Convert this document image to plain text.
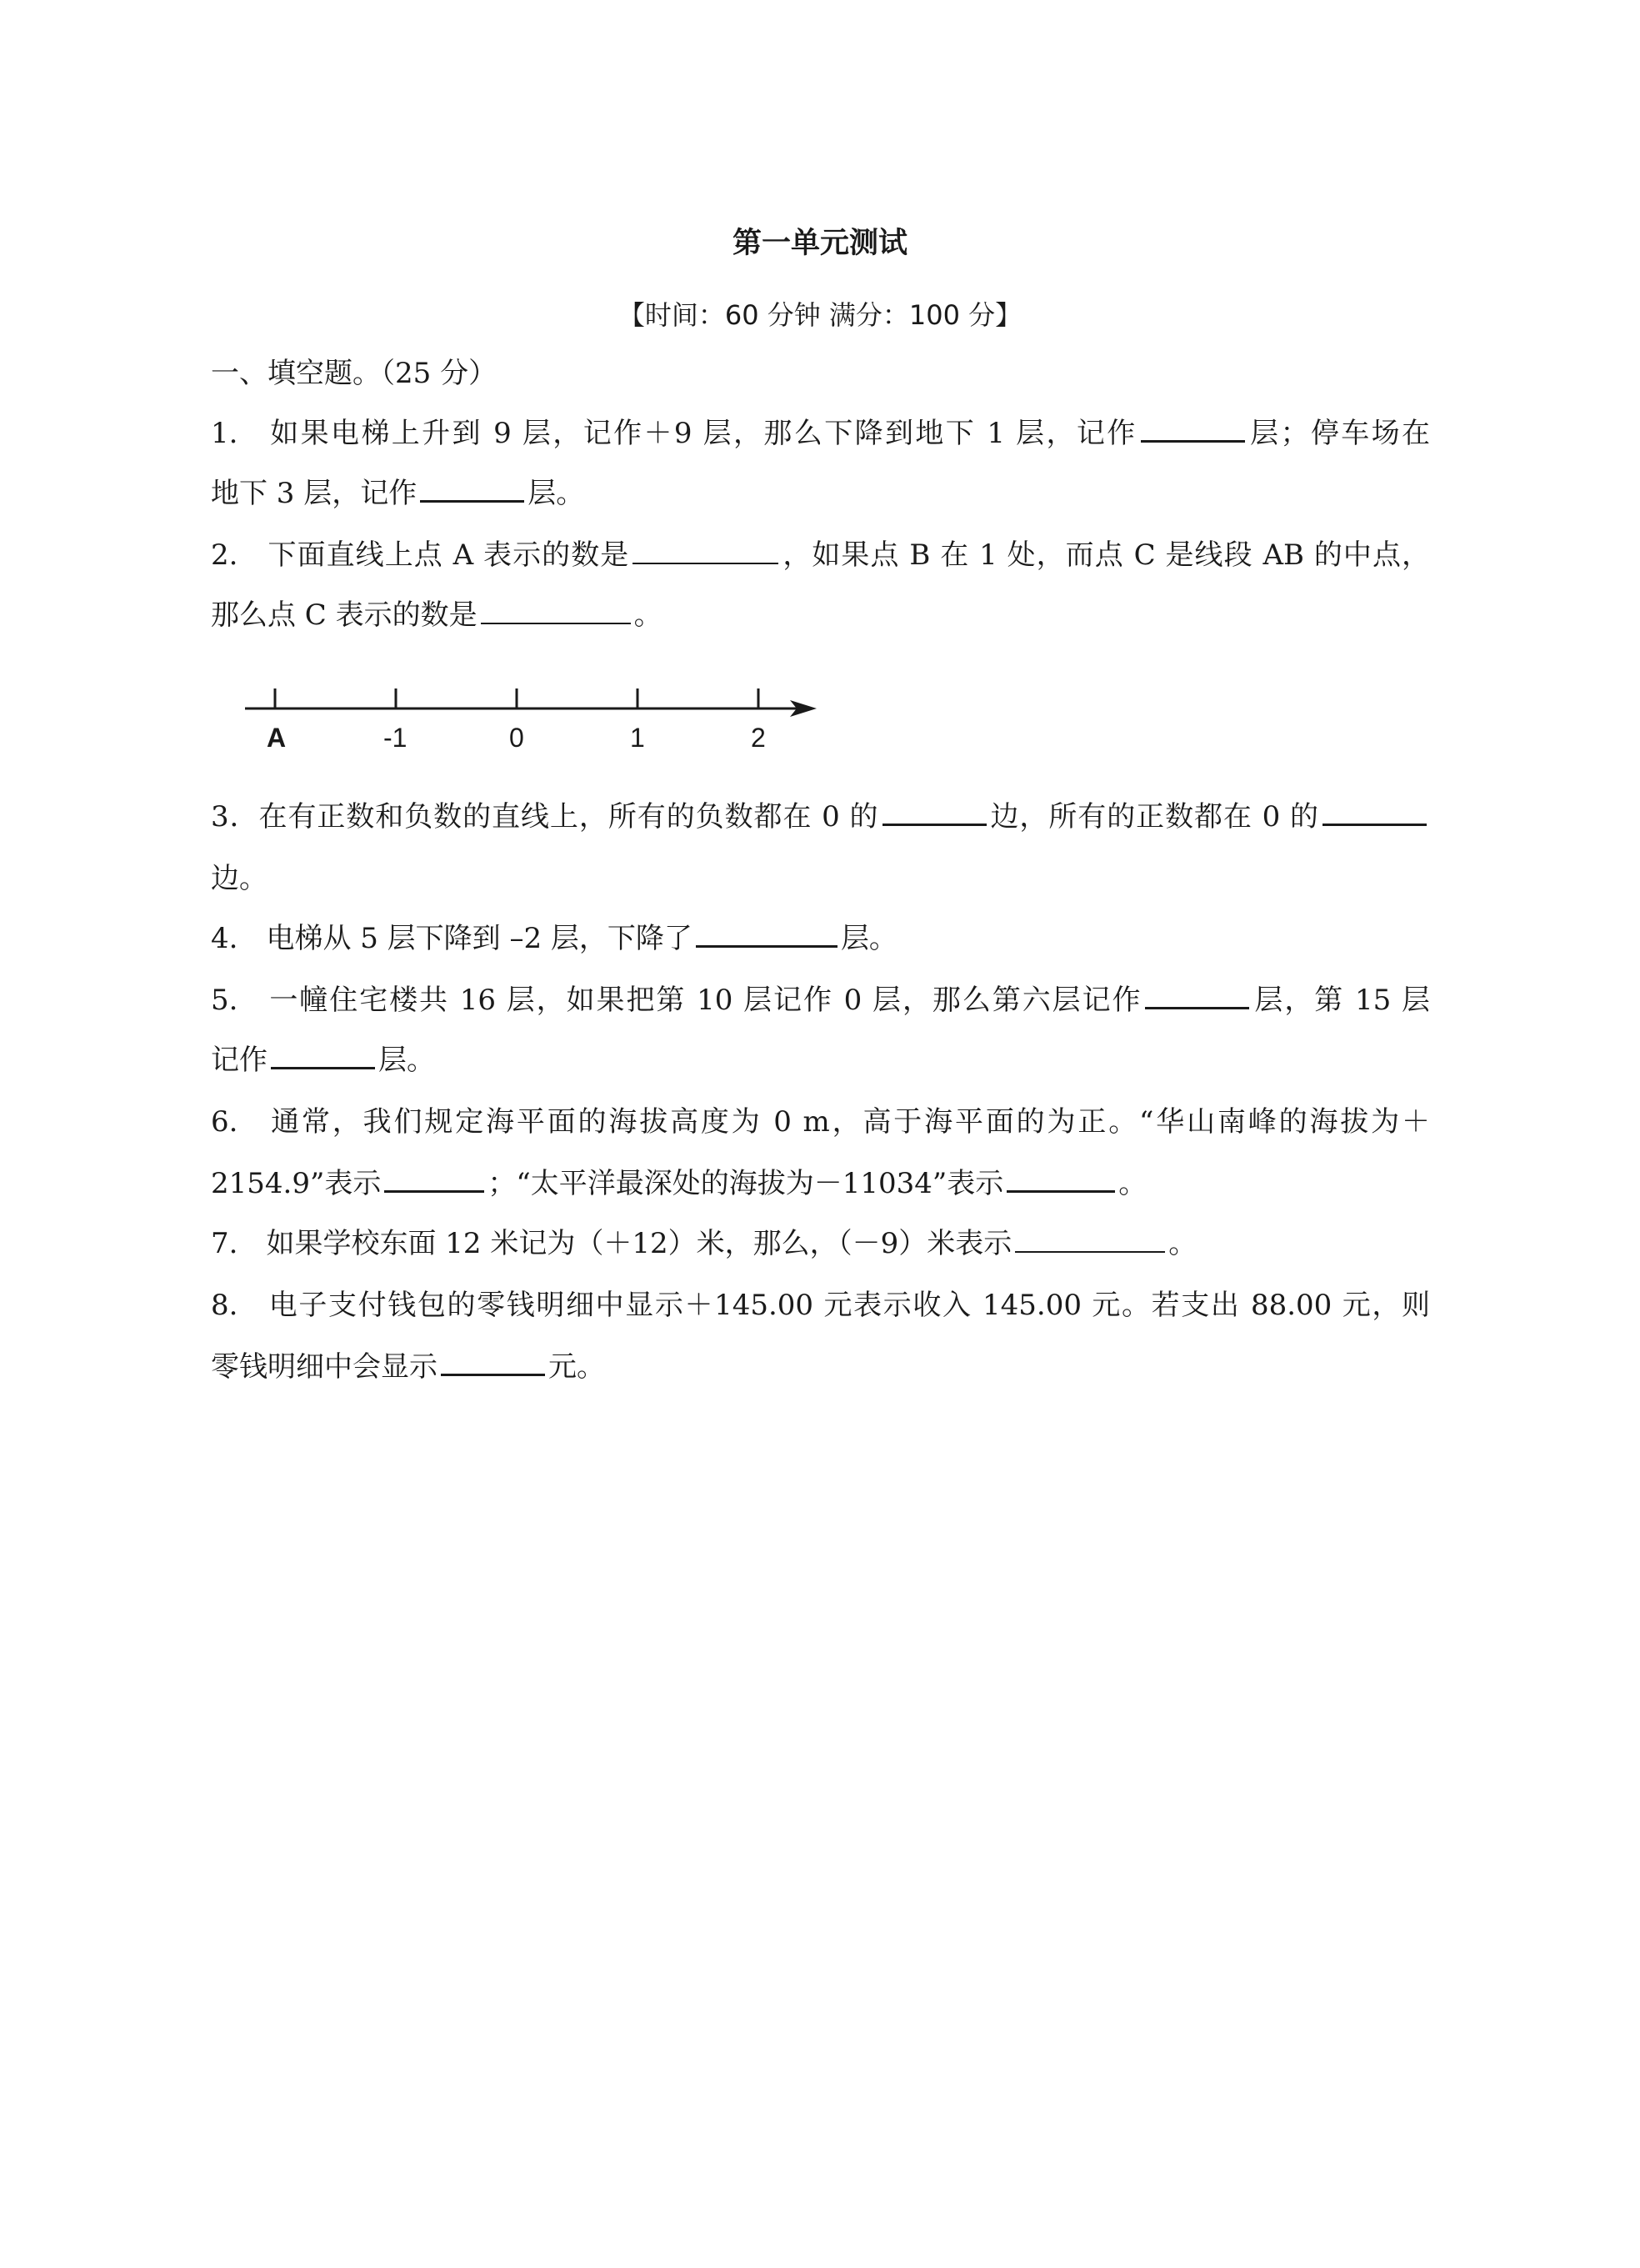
第一单元测试
【时间：60 分钟 满分：100 分】
一、填空题。（25 分）
1.　如果电梯上升到 9 层，记作＋9 层，那么下降到地下 1 层，记作	层；停车场在
地下 3 层，记作	层。
2.　下面直线上点 A 表示的数是	，如果点 B 在 1 处，而点 C 是线段 AB 的中点，
那么点 C 表示的数是	。
A	-1	0	1	2
3．在有正数和负数的直线上，所有的负数都在 0 的	边，所有的正数都在 0 的
边。
4.　电梯从 5 层下降到 –2 层，下降了	层。
5.　一幢住宅楼共 16 层，如果把第 10 层记作 0 层，那么第六层记作	层，第 15 层
记作	层。
6.　通常，我们规定海平面的海拔高度为 0 m，高于海平面的为正。“华山南峰的海拔为＋
2154.9”表示	；“太平洋最深处的海拔为－11034”表示	。
7.　如果学校东面 12 米记为（＋12）米，那么，（－9）米表示	。
8.　电子支付钱包的零钱明细中显示＋145.00 元表示收入 145.00 元。若支出 88.00 元，则
零钱明细中会显示	元。
